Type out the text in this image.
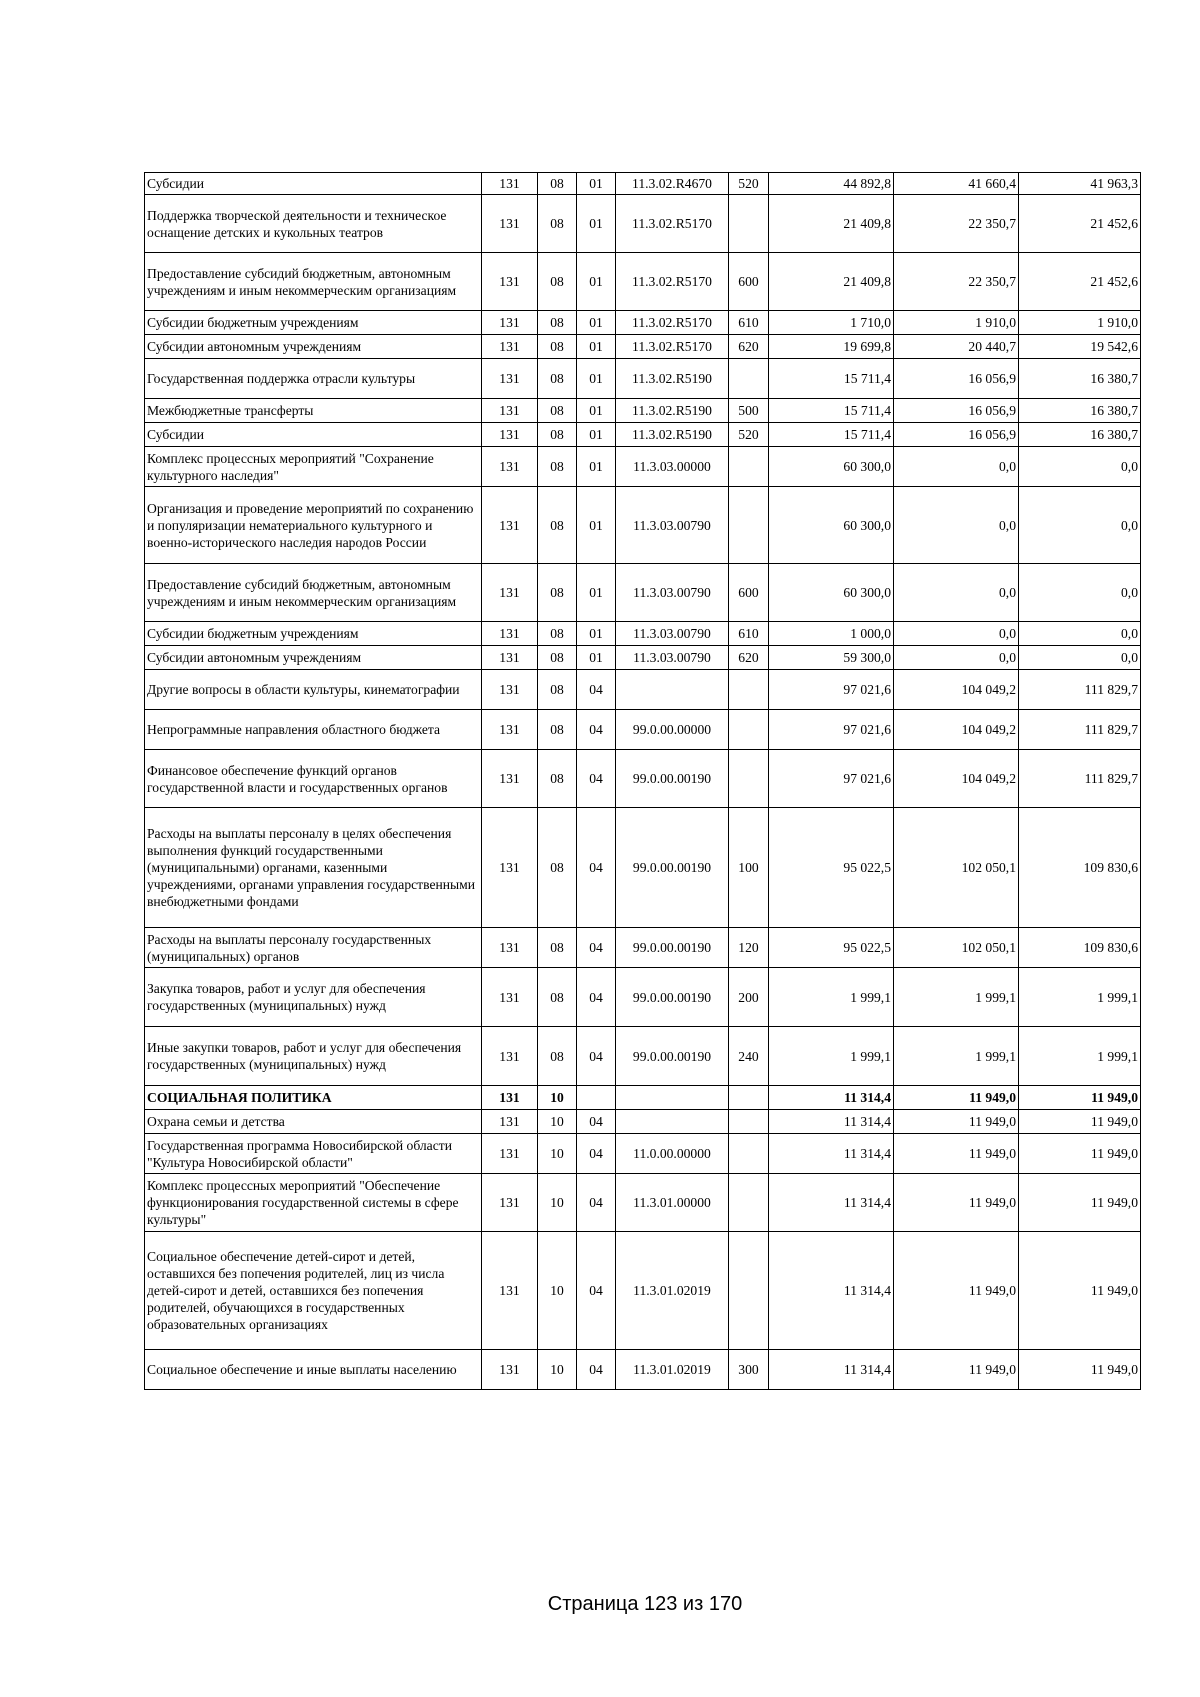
Субсидии	131	08	01	11.3.02.R4670	520	44 892,8	41 660,4	41 963,3
Поддержка творческой деятельности и техническое оснащение детских и кукольных театров	131	08	01	11.3.02.R5170		21 409,8	22 350,7	21 452,6
Предоставление субсидий бюджетным, автономным учреждениям и иным некоммерческим организациям	131	08	01	11.3.02.R5170	600	21 409,8	22 350,7	21 452,6
Субсидии бюджетным учреждениям	131	08	01	11.3.02.R5170	610	1 710,0	1 910,0	1 910,0
Субсидии автономным учреждениям	131	08	01	11.3.02.R5170	620	19 699,8	20 440,7	19 542,6
Государственная поддержка отрасли культуры	131	08	01	11.3.02.R5190		15 711,4	16 056,9	16 380,7
Межбюджетные трансферты	131	08	01	11.3.02.R5190	500	15 711,4	16 056,9	16 380,7
Субсидии	131	08	01	11.3.02.R5190	520	15 711,4	16 056,9	16 380,7
Комплекс процессных мероприятий "Сохранение культурного наследия"	131	08	01	11.3.03.00000		60 300,0	0,0	0,0
Организация и проведение мероприятий по сохранению и популяризации нематериального культурного и военно-исторического наследия народов России	131	08	01	11.3.03.00790		60 300,0	0,0	0,0
Предоставление субсидий бюджетным, автономным учреждениям и иным некоммерческим организациям	131	08	01	11.3.03.00790	600	60 300,0	0,0	0,0
Субсидии бюджетным учреждениям	131	08	01	11.3.03.00790	610	1 000,0	0,0	0,0
Субсидии автономным учреждениям	131	08	01	11.3.03.00790	620	59 300,0	0,0	0,0
Другие вопросы в области культуры, кинематографии	131	08	04			97 021,6	104 049,2	111 829,7
Непрограммные направления областного бюджета	131	08	04	99.0.00.00000		97 021,6	104 049,2	111 829,7
Финансовое обеспечение функций органов государственной власти и государственных органов	131	08	04	99.0.00.00190		97 021,6	104 049,2	111 829,7
Расходы на выплаты персоналу в целях обеспечения выполнения функций государственными (муниципальными) органами, казенными учреждениями, органами управления государственными внебюджетными фондами	131	08	04	99.0.00.00190	100	95 022,5	102 050,1	109 830,6
Расходы на выплаты персоналу государственных (муниципальных) органов	131	08	04	99.0.00.00190	120	95 022,5	102 050,1	109 830,6
Закупка товаров, работ и услуг для обеспечения государственных (муниципальных) нужд	131	08	04	99.0.00.00190	200	1 999,1	1 999,1	1 999,1
Иные закупки товаров, работ и услуг для обеспечения государственных (муниципальных) нужд	131	08	04	99.0.00.00190	240	1 999,1	1 999,1	1 999,1
СОЦИАЛЬНАЯ ПОЛИТИКА	131	10				11 314,4	11 949,0	11 949,0
Охрана семьи и детства	131	10	04			11 314,4	11 949,0	11 949,0
Государственная программа Новосибирской области "Культура Новосибирской области"	131	10	04	11.0.00.00000		11 314,4	11 949,0	11 949,0
Комплекс процессных мероприятий "Обеспечение функционирования государственной системы в сфере культуры"	131	10	04	11.3.01.00000		11 314,4	11 949,0	11 949,0
Социальное обеспечение детей-сирот и детей, оставшихся без попечения родителей, лиц из числа детей-сирот и детей, оставшихся без попечения родителей, обучающихся в государственных образовательных организациях	131	10	04	11.3.01.02019		11 314,4	11 949,0	11 949,0
Социальное обеспечение и иные выплаты населению	131	10	04	11.3.01.02019	300	11 314,4	11 949,0	11 949,0
Страница 123 из 170
